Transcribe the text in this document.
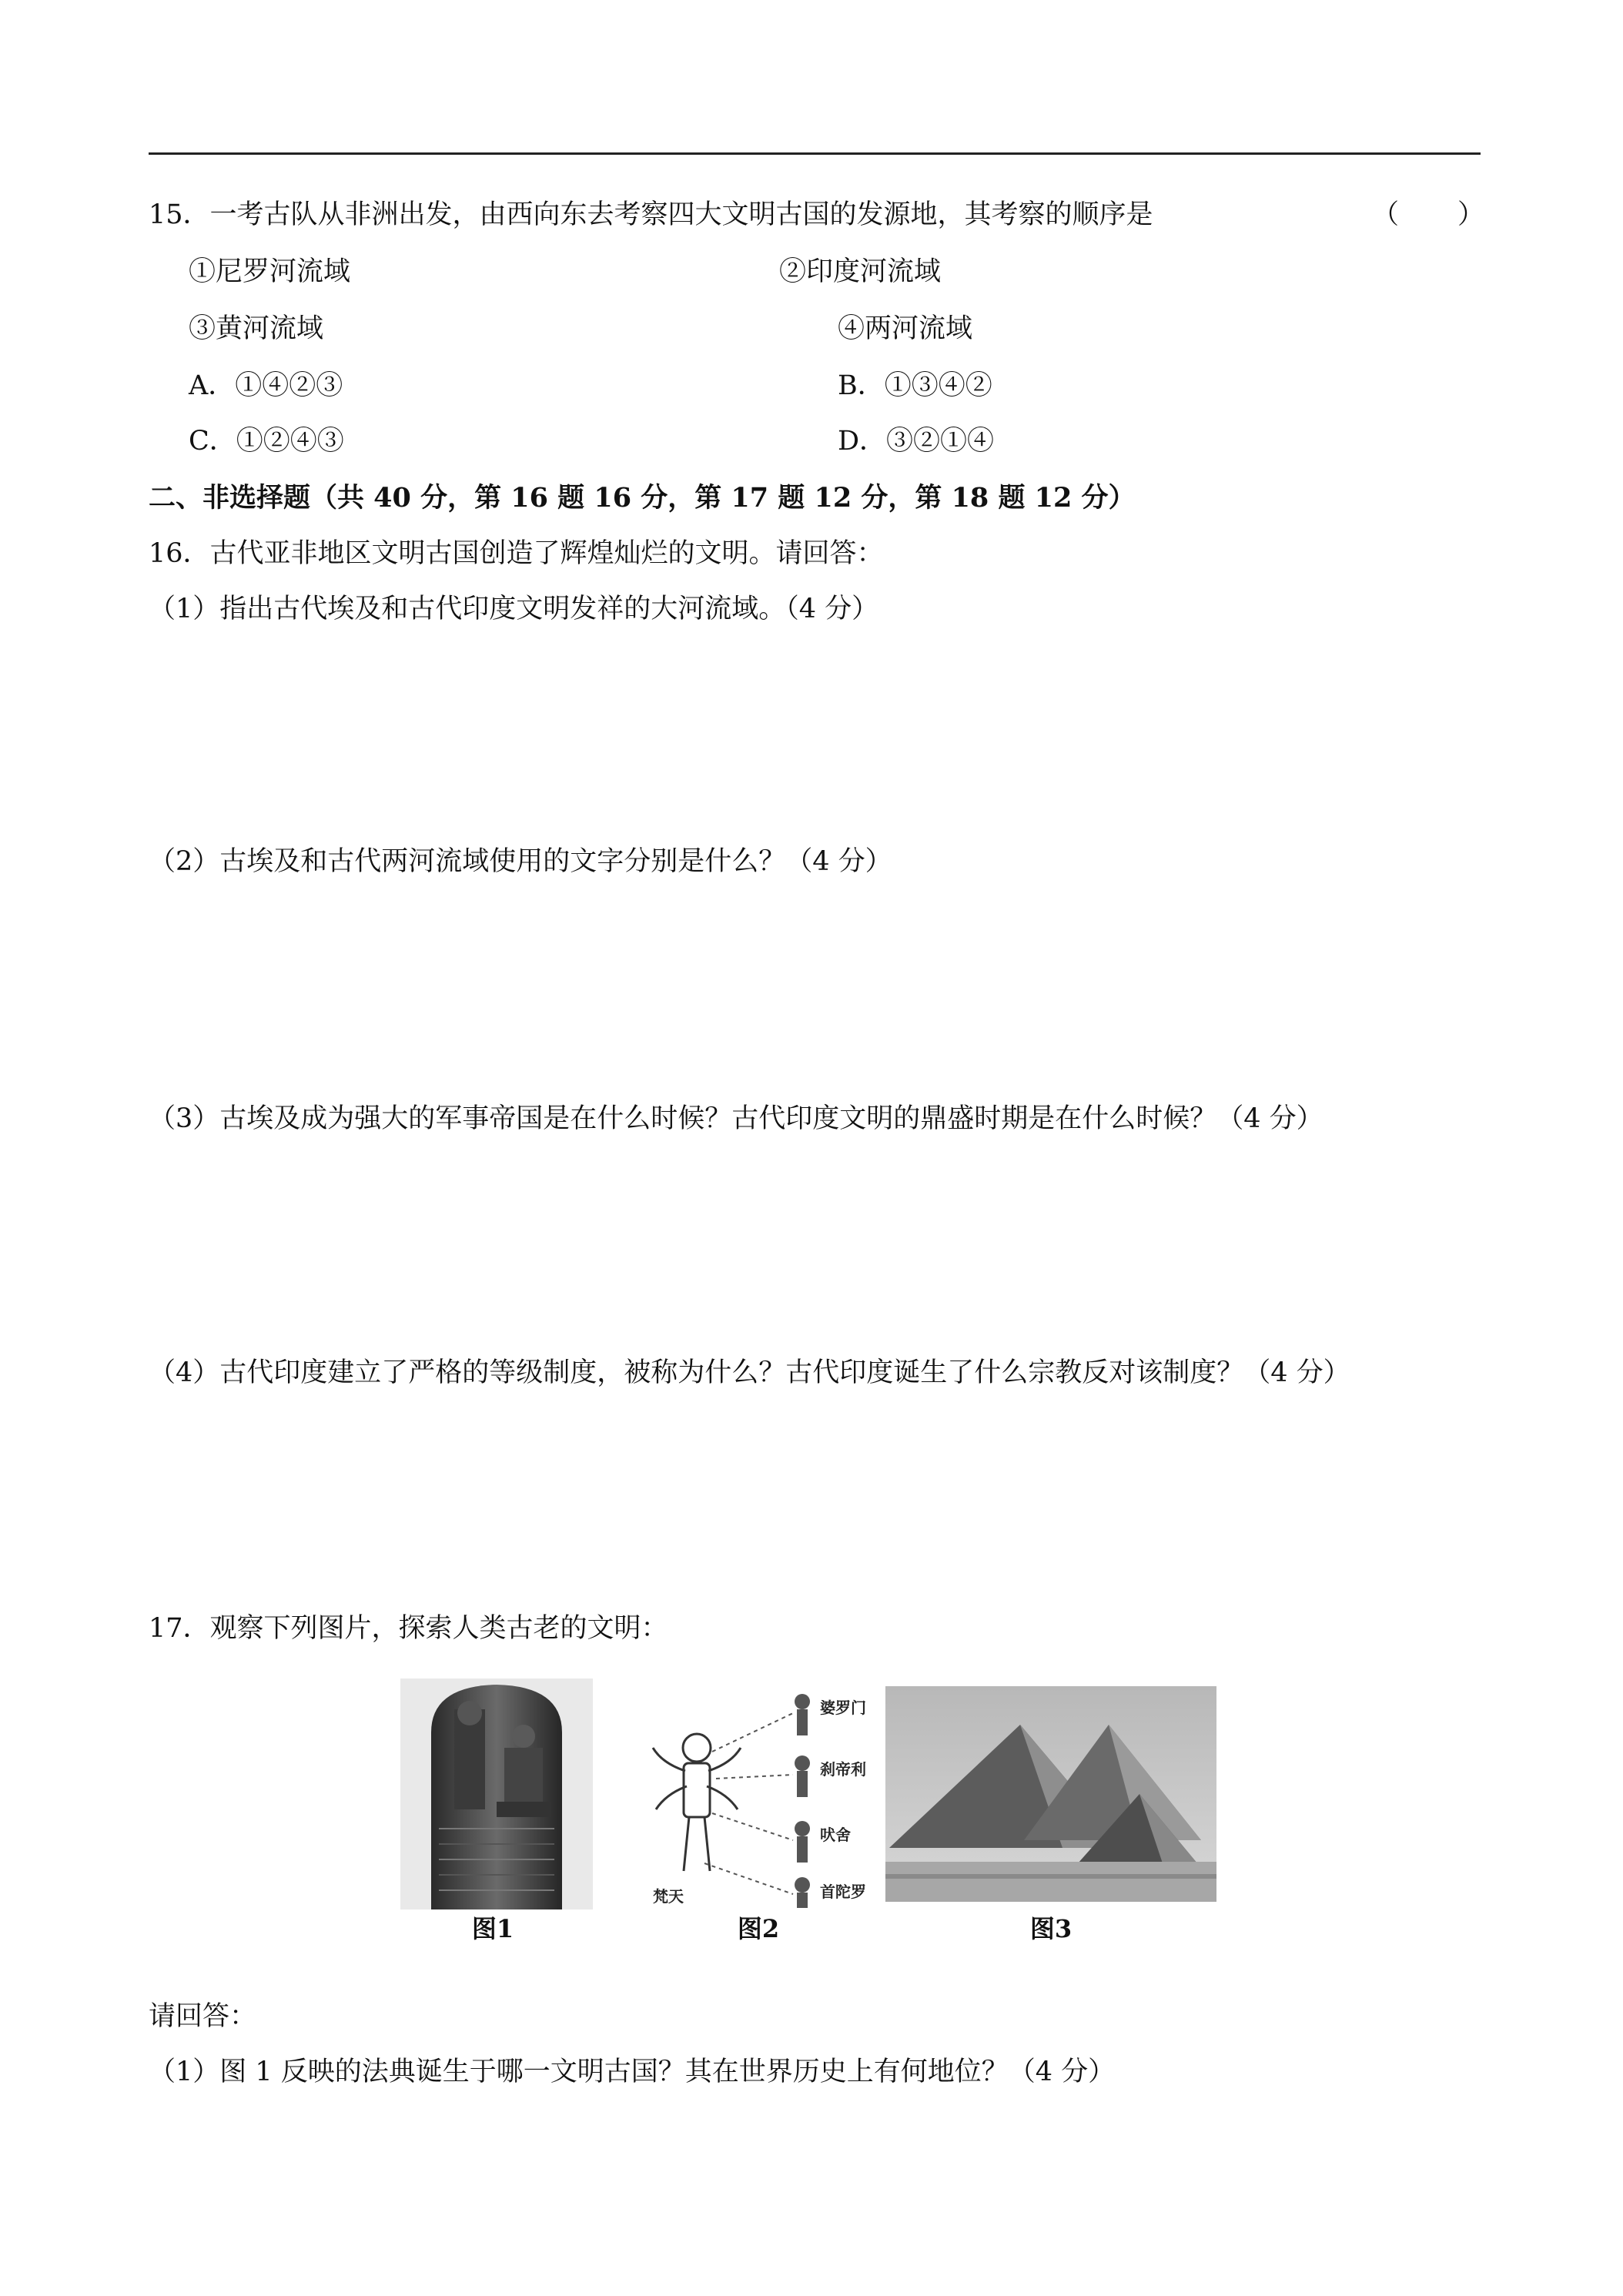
15．一考古队从非洲出发，由西向东去考察四大文明古国的发源地，其考察的顺序是	（　　）
①尼罗河流域	②印度河流域
③黄河流域	④两河流域
A．①④②③	B．①③④②
C．①②④③	D．③②①④
二、非选择题（共 40 分，第 16 题 16 分，第 17 题 12 分，第 18 题 12 分）
16．古代亚非地区文明古国创造了辉煌灿烂的文明。请回答：
（1）指出古代埃及和古代印度文明发祥的大河流域。（4 分）
（2）古埃及和古代两河流域使用的文字分别是什么？（4 分）
（3）古埃及成为强大的军事帝国是在什么时候？古代印度文明的鼎盛时期是在什么时候？（4 分）
（4）古代印度建立了严格的等级制度，被称为什么？古代印度诞生了什么宗教反对该制度？（4 分）
17．观察下列图片，探索人类古老的文明：
图1
婆罗门
刹帝利
吠舍
首陀罗
梵天
图2	图3
请回答：
（1）图 1 反映的法典诞生于哪一文明古国？其在世界历史上有何地位？（4 分）
